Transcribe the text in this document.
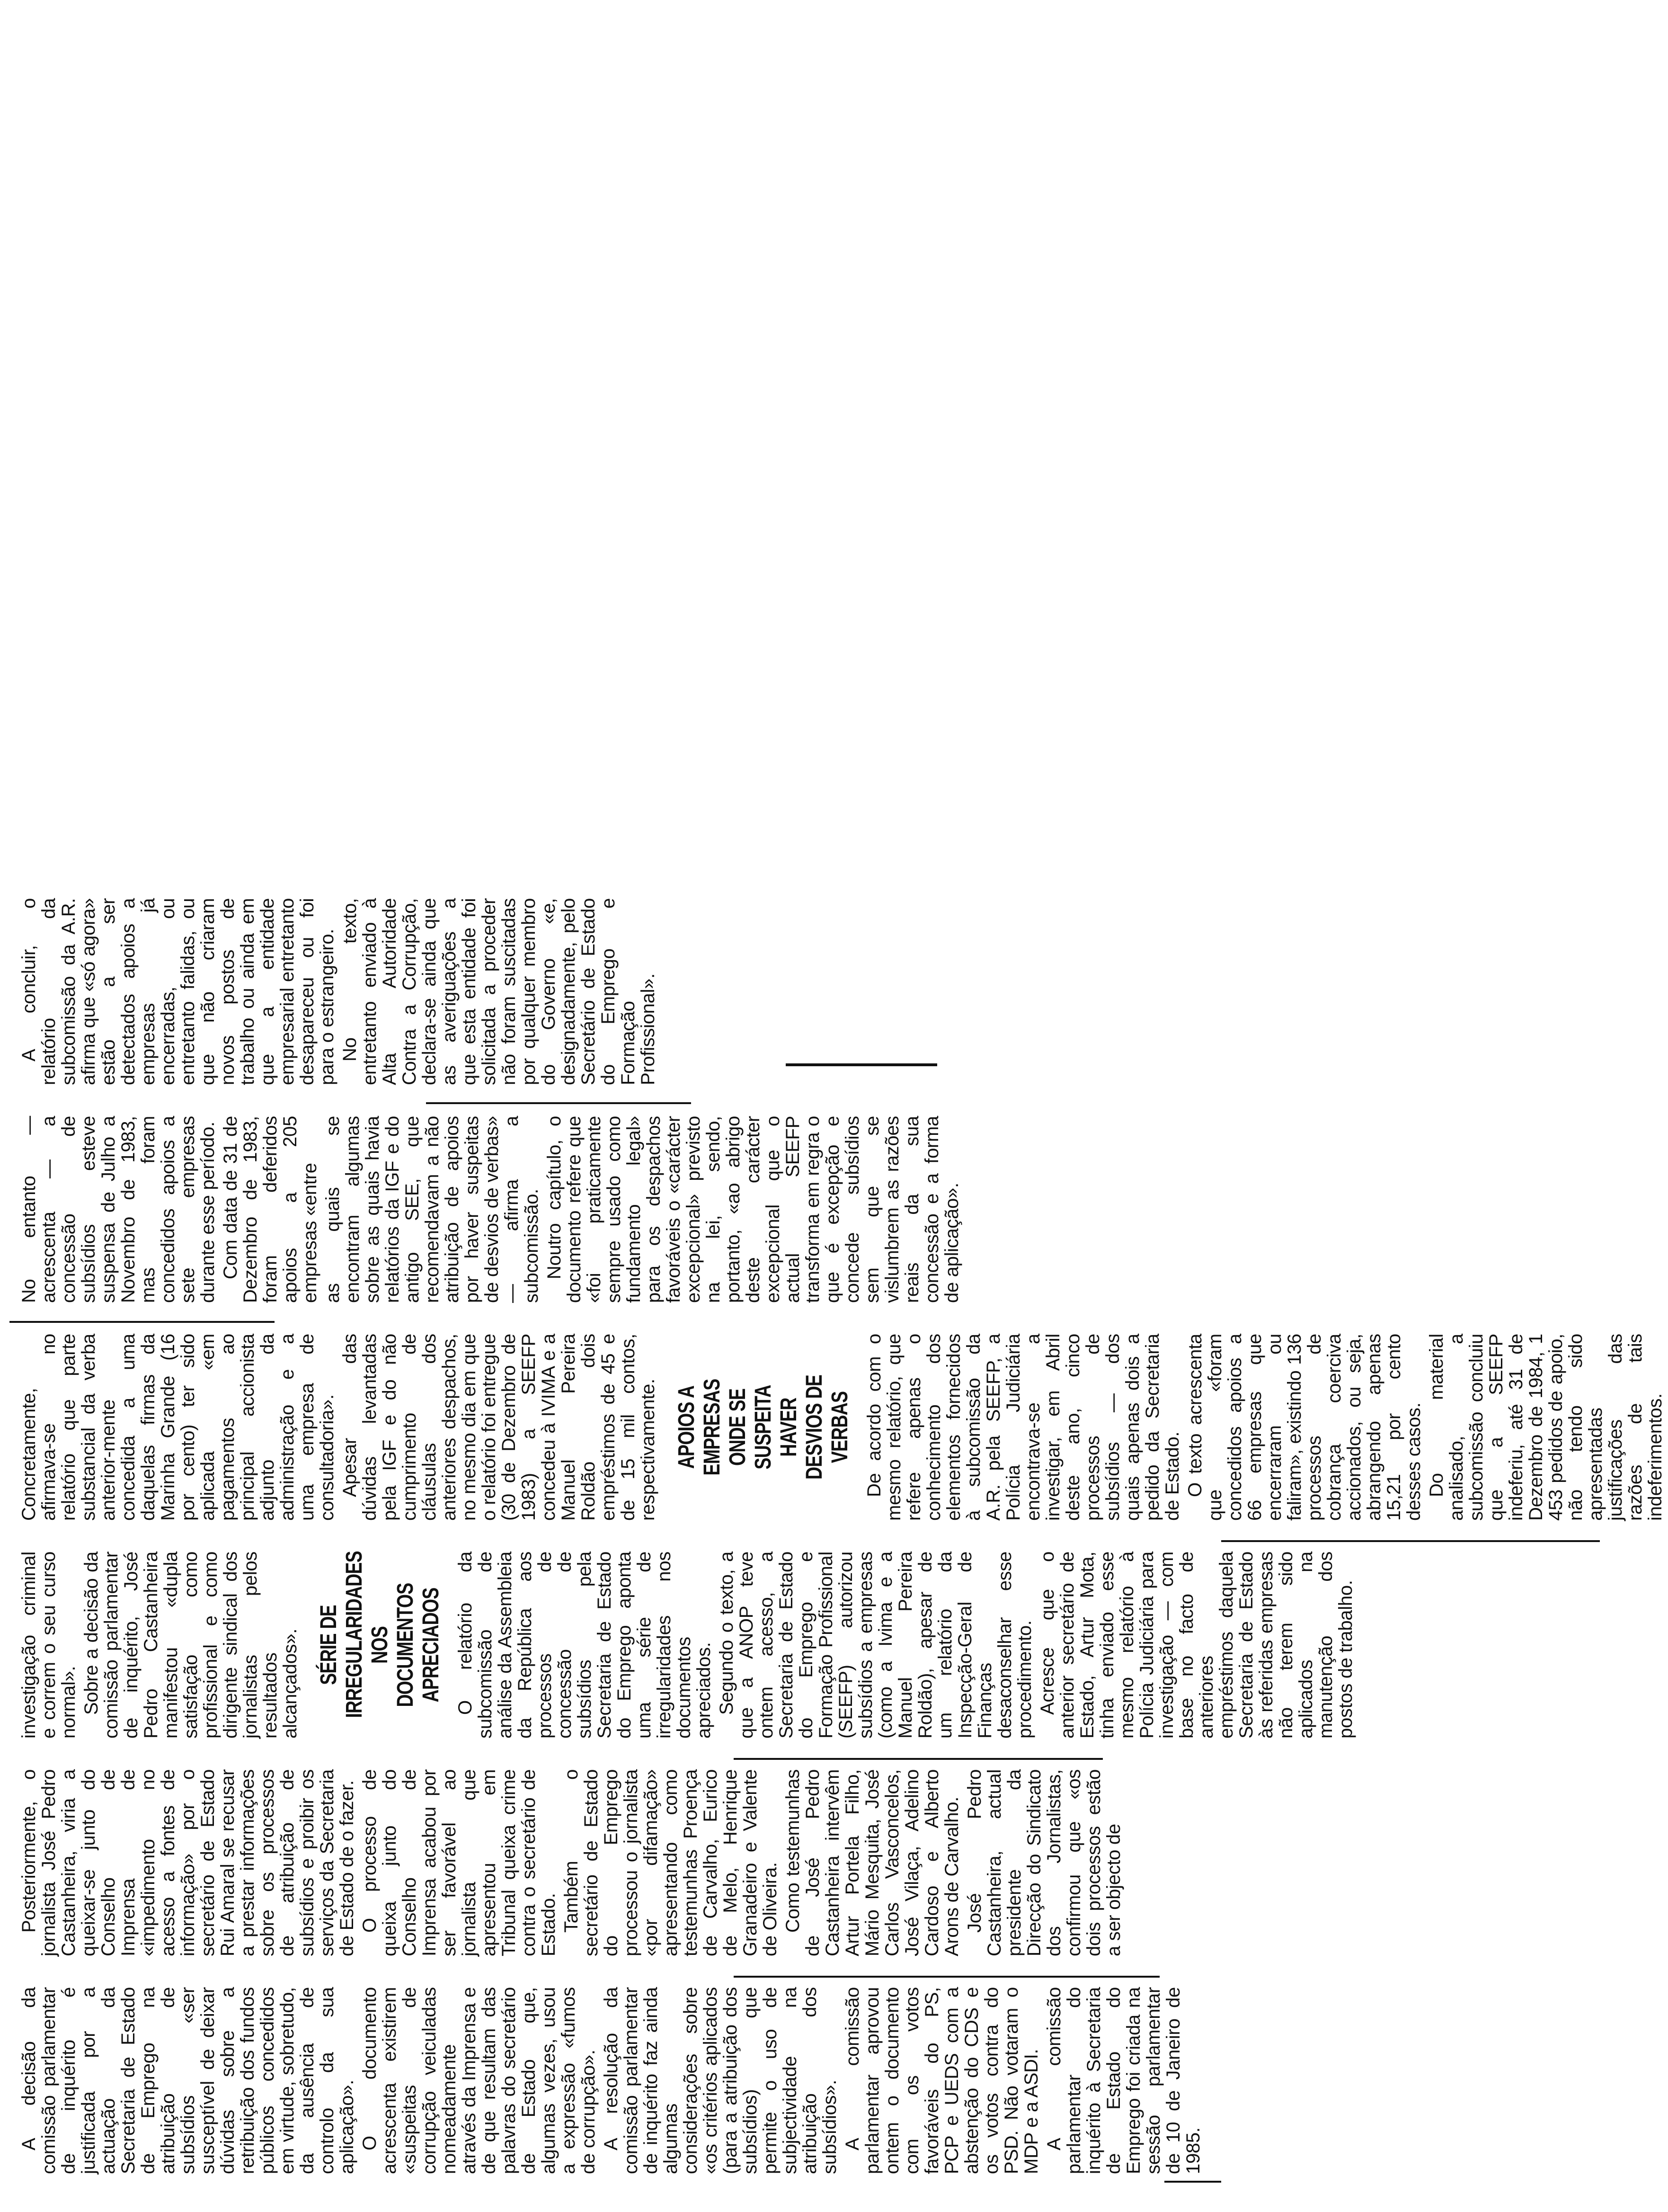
A decisão da comissão parlamentar de inquérito é justificada por a actuação da Secretaria de Estado de Emprego na atribuição de subsídios «ser susceptível de deixar dúvidas sobre a retribuição dos fundos públicos concedidos em virtude, sobretudo, da ausência de controlo da sua aplicação». O documento acrescenta existirem «suspeitas de corrupção veiculadas nomeadamente através da Imprensa e de que resultam das palavras do secretário de Estado que, algumas vezes, usou a expressão «fumos de corrupção». A resolução da comissão parlamentar de inquérito faz ainda algumas considerações sobre «os critérios aplicados (para a atribuição dos subsídios) que permite o uso de subjectividade na atribuição dos subsídios». A comissão parlamentar aprovou ontem o documento com os votos favoráveis do PS, PCP e UEDS com a abstenção do CDS e os votos contra do PSD. Não votaram o MDP e a ASDI. A comissão parlamentar do inquérito à Secretaria de Estado do Emprego foi criada na sessão parlamentar de 10 de Janeiro de 1985.

Posteriormente, o jornalista José Pedro Castanheira, viria a queixar-se junto do Conselho de Imprensa de «impedimento no acesso a fontes de informação» por o secretário de Estado Rui Amaral se recusar a prestar informações sobre os processos de atribuição de subsídios e proibir os serviços da Secretaria de Estado de o fazer. O processo de queixa junto do Conselho de Imprensa acabou por ser favorável ao jornalista que apresentou em Tribunal queixa crime contra o secretário de Estado. Também o secretário de Estado do Emprego processou o jornalista «por difamação» apresentando como testemunhas Proença de Carvalho, Eurico de Melo, Henrique Granadeiro e Valente de Oliveira. Como testemunhas de José Pedro Castanheira intervêm Artur Portela Filho, Mário Mesquita, José Carlos Vasconcelos, José Vilaça, Adelino Cardoso e Alberto Arons de Carvalho. José Pedro Castanheira, actual presidente da Direcção do Sindicato dos Jornalistas, confirmou que «os dois processos estão a ser objecto de

investigação criminal e correm o seu curso normal». Sobre a decisão da comissão parlamentar de inquérito, José Pedro Castanheira manifestou «dupla satisfação como profissional e como dirigente sindical dos jornalistas pelos resultados alcançados». SÉRIE DE IRREGULARIDADES NOS DOCUMENTOS APRECIADOS O relatório da subcomissão de análise da Assembleia da República aos processos de concessão de subsídios pela Secretaria de Estado do Emprego aponta uma série de irregularidades nos documentos apreciados. Segundo o texto, a que a ANOP teve ontem acesso, a Secretaria de Estado do Emprego e Formação Profissional (SEEFP) autorizou subsídios a empresas (como a Ivima e a Manuel Pereira Roldão), apesar de um relatório da Inspecção-Geral de Finanças desaconselhar esse procedimento. Acresce que o anterior secretário de Estado, Artur Mota, tinha enviado esse mesmo relatório à Polícia Judiciária para investigação — com base no facto de anteriores empréstimos daquela Secretaria de Estado às referidas empresas não terem sido aplicados na manutenção dos postos de trabalho.

Concretamente, afirmava-se no relatório que parte substancial da verba anterior-mente concedida a uma daquelas firmas da Marinha Grande (16 por cento) ter sido aplicada «em pagamentos ao principal accionista adjunto da administração e a uma empresa de consultadoria». Apesar das dúvidas levantadas pela IGF e do não cumprimento de cláusulas dos anteriores despachos, no mesmo dia em que o relatório foi entregue (30 de Dezembro de 1983) a SEEFP concedeu à IVIMA e a Manuel Pereira Roldão dois empréstimos de 45 e de 15 mil contos, respectivamente. APOIOS A EMPRESAS ONDE SE SUSPEITA HAVER DESVIOS DE VERBAS De acordo com o mesmo relatório, que refere apenas o conhecimento dos elementos fornecidos à subcomissão da A.R. pela SEEFP, a Polícia Judiciária encontrava-se a investigar, em Abril deste ano, cinco processos de subsídios — dos quais apenas dois a pedido da Secretaria de Estado. O texto acrescenta que «foram concedidos apoios a 66 empresas que encerraram ou faliram», existindo 136 processos de cobrança coerciva accionados, ou seja, abrangendo apenas 15,21 por cento desses casos. Do material analisado, a subcomissão concluiu que a SEEFP indeferiu, até 31 de Dezembro de 1984, 1 453 pedidos de apoio, não tendo sido apresentadas justificações das razões de tais indeferimentos.

No entanto — acrescenta — a concessão de subsídios esteve suspensa de Julho a Novembro de 1983, mas foram concedidos apoios a sete empresas durante esse período. Com data de 31 de Dezembro de 1983, foram deferidos apoios a 205 empresas «entre as quais se encontram algumas sobre as quais havia relatórios da IGF e do antigo SEE, que recomendavam a não atribuição de apoios por haver suspeitas de desvios de verbas» — afirma a subcomissão. Noutro capítulo, o documento refere que «foi praticamente sempre usado como fundamento legal» para os despachos favoráveis o «carácter excepcional» previsto na lei, sendo, portanto, «ao abrigo deste carácter excepcional que o actual SEEFP transforma em regra o que é excepção e concede subsídios sem que se vislumbrem as razões reais da sua concessão e a forma de aplicação».

A concluir, o relatório da subcomissão da A.R. afirma que «só agora» estão a ser detectados apoios a empresas já encerradas, ou entretanto falidas, ou que não criaram novos postos de trabalho ou ainda em que a entidade empresarial entretanto desapareceu ou foi para o estrangeiro. No texto, entretanto enviado à Alta Autoridade Contra a Corrupção, declara-se ainda que as averiguações a que esta entidade foi solicitada a proceder não foram suscitadas por qualquer membro do Governo «e, designadamente, pelo Secretário de Estado do Emprego e Formação Profissional».
